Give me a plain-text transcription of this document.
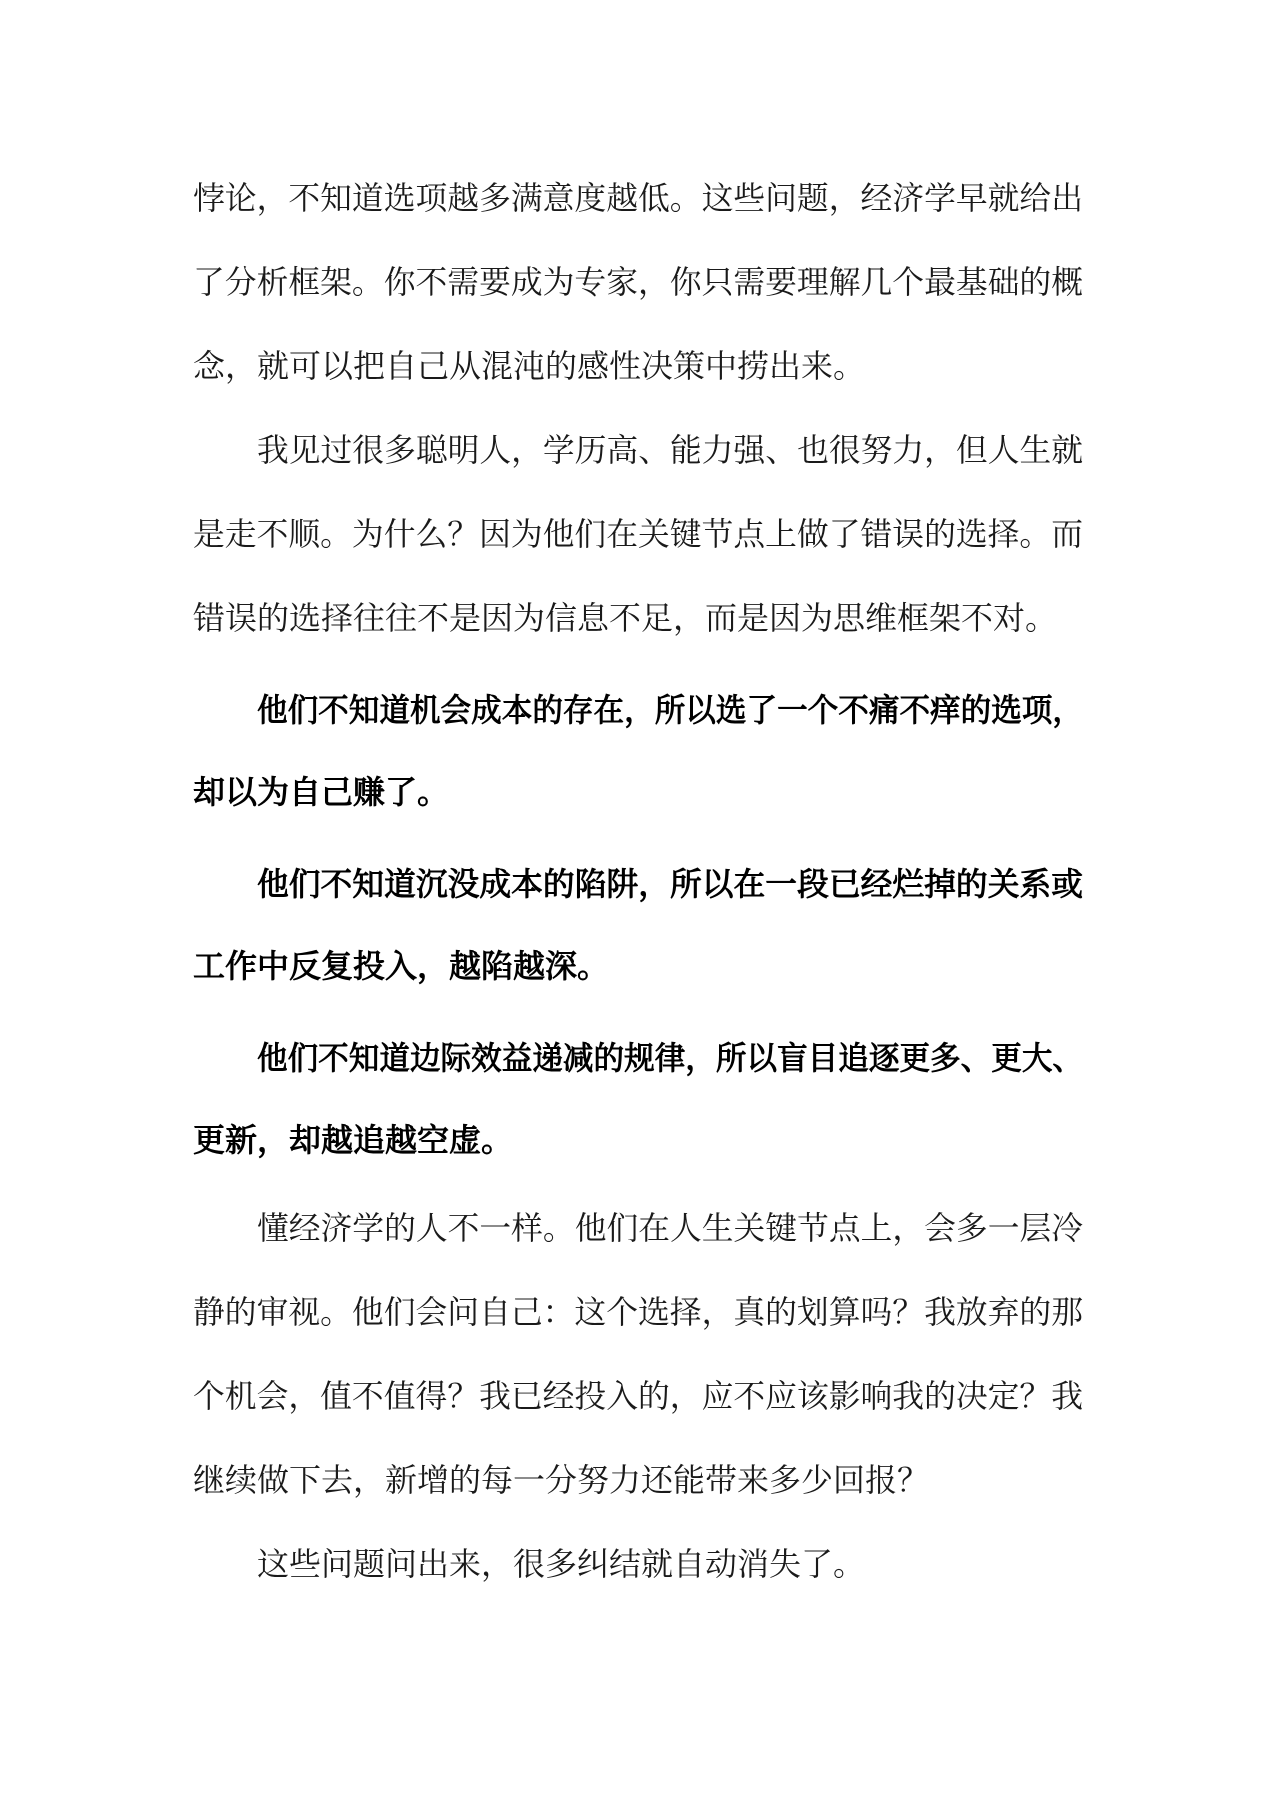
悖论，不知道选项越多满意度越低。这些问题，经济学早就给出
了分析框架。你不需要成为专家，你只需要理解几个最基础的概
念，就可以把自己从混沌的感性决策中捞出来。
我见过很多聪明人，学历高、能力强、也很努力，但人生就
是走不顺。为什么？因为他们在关键节点上做了错误的选择。而
错误的选择往往不是因为信息不足，而是因为思维框架不对。
他们不知道机会成本的存在，所以选了一个不痛不痒的选项，
却以为自己赚了。
他们不知道沉没成本的陷阱，所以在一段已经烂掉的关系或
工作中反复投入，越陷越深。
他们不知道边际效益递减的规律，所以盲目追逐更多、更大、
更新，却越追越空虚。
懂经济学的人不一样。他们在人生关键节点上，会多一层冷
静的审视。他们会问自己：这个选择，真的划算吗？我放弃的那
个机会，值不值得？我已经投入的，应不应该影响我的决定？我
继续做下去，新增的每一分努力还能带来多少回报？
这些问题问出来，很多纠结就自动消失了。
